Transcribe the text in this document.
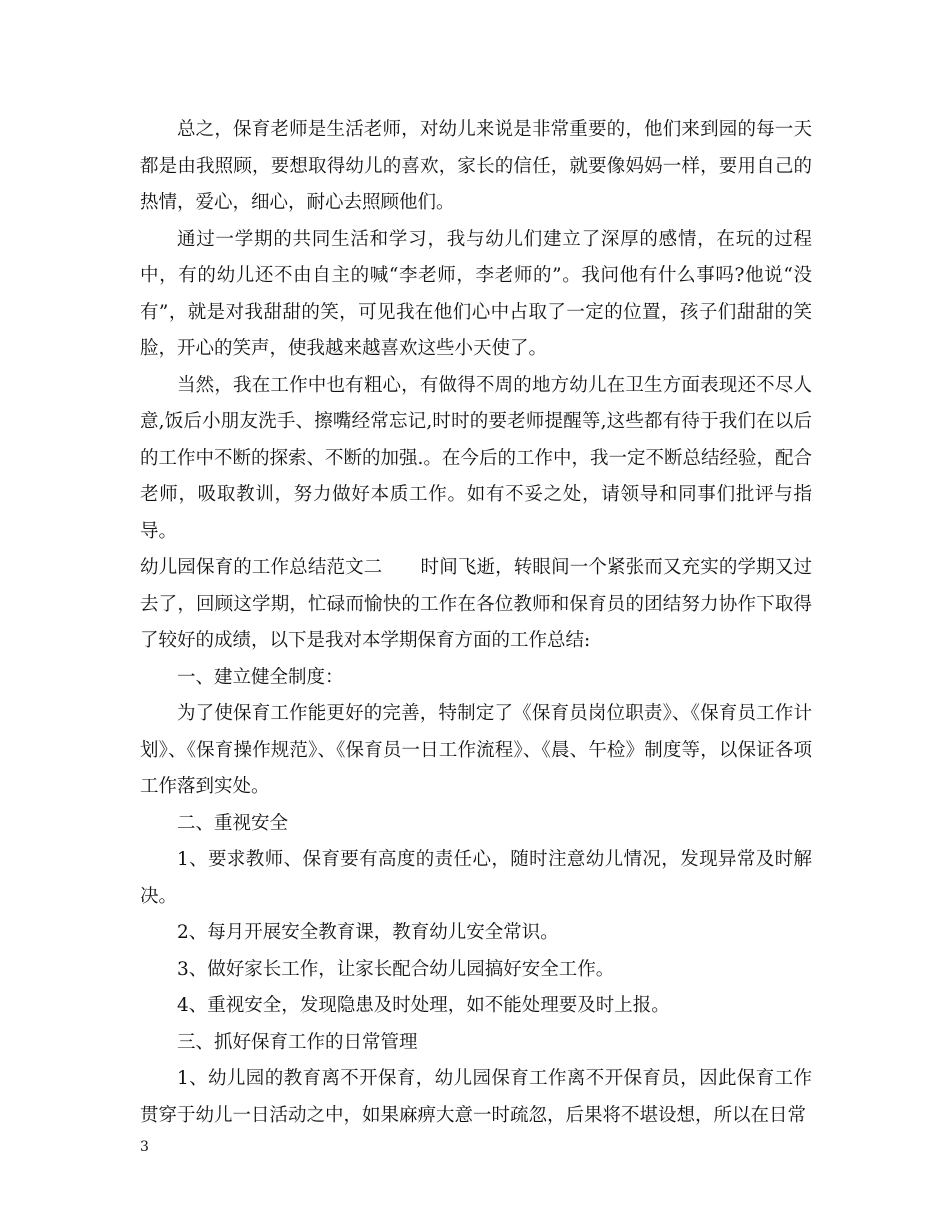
总之，保育老师是生活老师，对幼儿来说是非常重要的，他们来到园的每一天都是由我照顾，要想取得幼儿的喜欢，家长的信任，就要像妈妈一样，要用自己的热情，爱心，细心，耐心去照顾他们。

通过一学期的共同生活和学习，我与幼儿们建立了深厚的感情，在玩的过程中，有的幼儿还不由自主的喊“李老师，李老师的”。我问他有什么事吗?他说“没有”，就是对我甜甜的笑，可见我在他们心中占取了一定的位置，孩子们甜甜的笑脸，开心的笑声，使我越来越喜欢这些小天使了。

当然，我在工作中也有粗心，有做得不周的地方幼儿在卫生方面表现还不尽人意,饭后小朋友洗手、擦嘴经常忘记,时时的要老师提醒等,这些都有待于我们在以后的工作中不断的探索、不断的加强.。在今后的工作中，我一定不断总结经验，配合老师，吸取教训，努力做好本质工作。如有不妥之处，请领导和同事们批评与指导。

幼儿园保育的工作总结范文二 时间飞逝，转眼间一个紧张而又充实的学期又过去了，回顾这学期，忙碌而愉快的工作在各位教师和保育员的团结努力协作下取得了较好的成绩，以下是我对本学期保育方面的工作总结:

一、建立健全制度：

为了使保育工作能更好的完善，特制定了《保育员岗位职责》、《保育员工作计划》、《保育操作规范》、《保育员一日工作流程》、《晨、午检》制度等，以保证各项工作落到实处。

二、重视安全

1、要求教师、保育要有高度的责任心，随时注意幼儿情况，发现异常及时解决。

2、每月开展安全教育课，教育幼儿安全常识。

3、做好家长工作，让家长配合幼儿园搞好安全工作。

4、重视安全，发现隐患及时处理，如不能处理要及时上报。

三、抓好保育工作的日常管理

1、幼儿园的教育离不开保育，幼儿园保育工作离不开保育员，因此保育工作贯穿于幼儿一日活动之中，如果麻痹大意一时疏忽，后果将不堪设想，所以在日常

3
